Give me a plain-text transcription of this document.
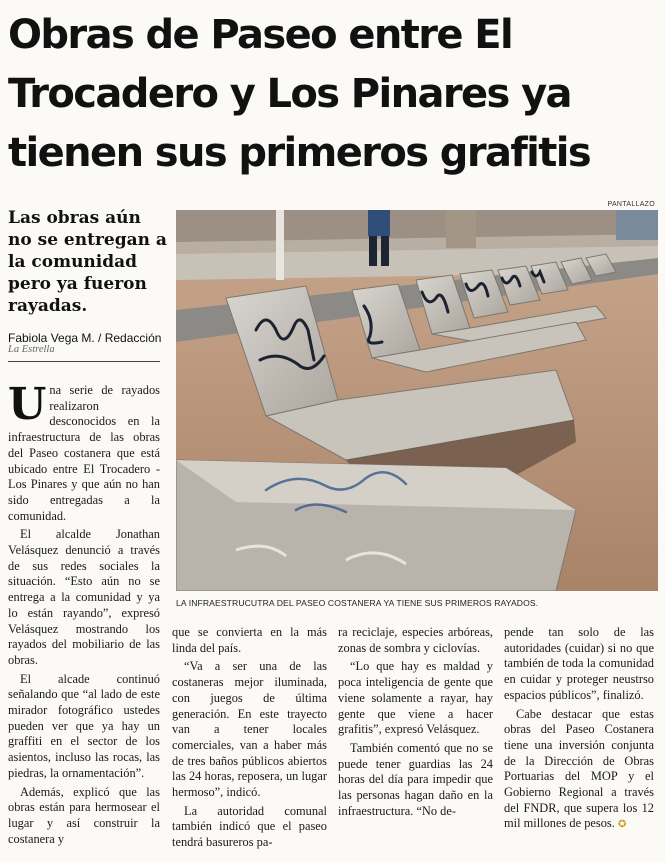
Obras de Paseo entre El Trocadero y Los Pinares ya tienen sus primeros grafitis
PANTALLAZO
LA INFRAESTRUCUTRA DEL PASEO COSTANERA YA TIENE SUS PRIMEROS RAYADOS.
Las obras aún no se entregan a la comunidad pero ya fueron rayadas.
Fabiola Vega M. / Redacción
La Estrella

Una serie de rayados realizaron desconocidos en la infraestructura de las obras del Paseo costanera que está ubicado entre El Trocadero - Los Pinares y que aún no han sido entregadas a la comunidad.

El alcalde Jonathan Velásquez denunció a través de sus redes sociales la situación. “Esto aún no se entrega a la comunidad y ya lo están rayando”, expresó Velásquez mostrando los rayados del mobiliario de las obras.

El alcade continuó señalando que “al lado de este mirador fotográfico ustedes pueden ver que ya hay un graffiti en el sector de los asientos, incluso las rocas, las piedras, la ornamentación”.

Además, explicó que las obras están para hermosear el lugar y así construir la costanera y

que se convierta en la más linda del país.

“Va a ser una de las costaneras mejor iluminada, con juegos de última generación. En este trayecto van a tener locales comerciales, van a haber más de tres baños públicos abiertos las 24 horas, reposera, un lugar hermoso”, indicó.

La autoridad comunal también indicó que el paseo tendrá basureros pa-

ra reciclaje, especies arbóreas, zonas de sombra y ciclovías.

“Lo que hay es maldad y poca inteligencia de gente que viene solamente a rayar, hay gente que viene a hacer grafitis”, expresó Velásquez.

También comentó que no se puede tener guardias las 24 horas del día para impedir que las personas hagan daño en la infraestructura. “No de-

pende tan solo de las autoridades (cuidar) si no que también de toda la comunidad en cuidar y proteger neustrso espacios públicos”, finalizó.

Cabe destacar que estas obras del Paseo Costanera tiene una inversión conjunta de la Dirección de Obras Portuarias del MOP y el Gobierno Regional a través del FNDR, que supera los 12 mil millones de pesos. ✪
